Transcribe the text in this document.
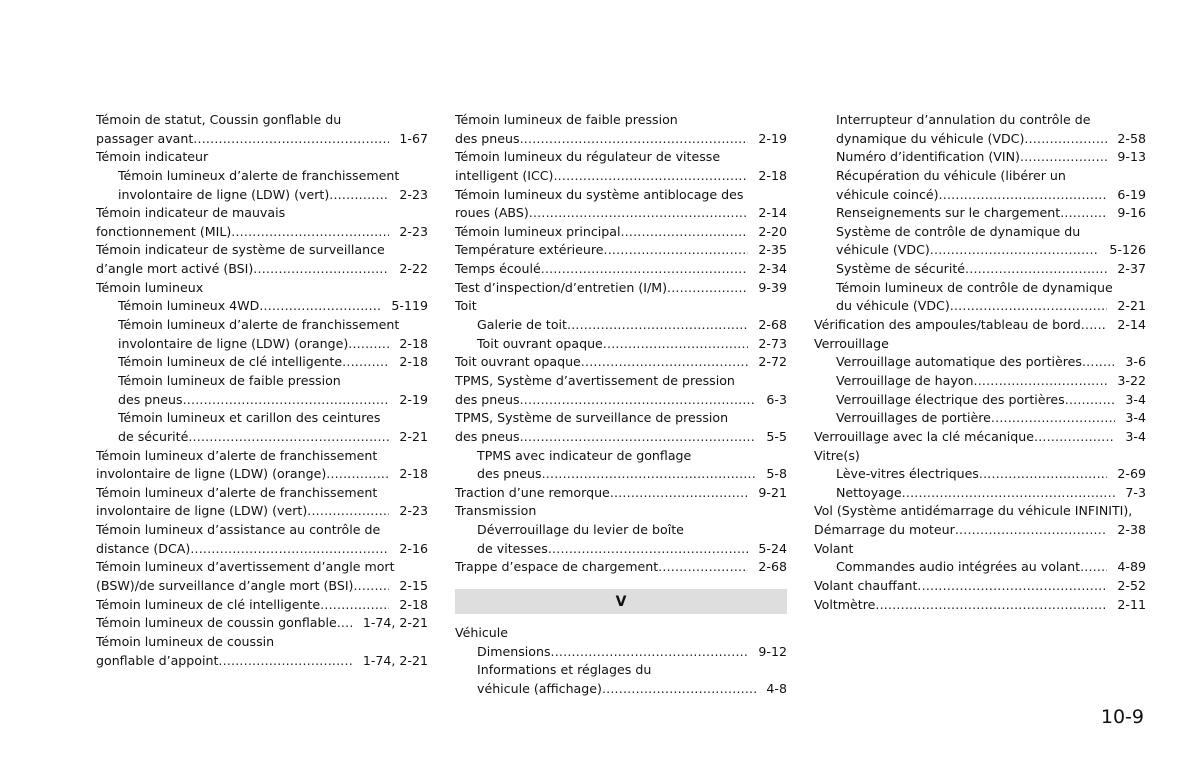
Témoin de statut, Coussin gonflable du
passager avant .....	1-67
Témoin indicateur
Témoin lumineux d’alerte de franchissement
involontaire de ligne (LDW) (vert) .....	2-23
Témoin indicateur de mauvais
fonctionnement (MIL) .....	2-23
Témoin indicateur de système de surveillance
d’angle mort activé (BSI) .....	2-22
Témoin lumineux
Témoin lumineux 4WD .....	5-119
Témoin lumineux d’alerte de franchissement
involontaire de ligne (LDW) (orange) .....	2-18
Témoin lumineux de clé intelligente .....	2-18
Témoin lumineux de faible pression
des pneus .....	2-19
Témoin lumineux et carillon des ceintures
de sécurité .....	2-21
Témoin lumineux d’alerte de franchissement
involontaire de ligne (LDW) (orange) .....	2-18
Témoin lumineux d’alerte de franchissement
involontaire de ligne (LDW) (vert) .....	2-23
Témoin lumineux d’assistance au contrôle de
distance (DCA) .....	2-16
Témoin lumineux d’avertissement d’angle mort
(BSW)/de surveillance d’angle mort (BSI) .....	2-15
Témoin lumineux de clé intelligente .....	2-18
Témoin lumineux de coussin gonflable .....	1-74, 2-21
Témoin lumineux de coussin
gonflable d’appoint .....	1-74, 2-21
Témoin lumineux de faible pression
des pneus .....	2-19
Témoin lumineux du régulateur de vitesse
intelligent (ICC) .....	2-18
Témoin lumineux du système antiblocage des
roues (ABS) .....	2-14
Témoin lumineux principal .....	2-20
Température extérieure .....	2-35
Temps écoulé .....	2-34
Test d’inspection/d’entretien (I/M) .....	9-39
Toit
Galerie de toit .....	2-68
Toit ouvrant opaque .....	2-73
Toit ouvrant opaque .....	2-72
TPMS, Système d’avertissement de pression
des pneus .....	6-3
TPMS, Système de surveillance de pression
des pneus .....	5-5
TPMS avec indicateur de gonflage
des pneus .....	5-8
Traction d’une remorque .....	9-21
Transmission
Déverrouillage du levier de boîte
de vitesses .....	5-24
Trappe d’espace de chargement .....	2-68
V
Véhicule
Dimensions .....	9-12
Informations et réglages du
véhicule (affichage) .....	4-8
Interrupteur d’annulation du contrôle de
dynamique du véhicule (VDC) .....	2-58
Numéro d’identification (VIN) .....	9-13
Récupération du véhicule (libérer un
véhicule coincé) .....	6-19
Renseignements sur le chargement .....	9-16
Système de contrôle de dynamique du
véhicule (VDC) .....	5-126
Système de sécurité .....	2-37
Témoin lumineux de contrôle de dynamique
du véhicule (VDC) .....	2-21
Vérification des ampoules/tableau de bord .....	2-14
Verrouillage
Verrouillage automatique des portières .....	3-6
Verrouillage de hayon .....	3-22
Verrouillage électrique des portières .....	3-4
Verrouillages de portière .....	3-4
Verrouillage avec la clé mécanique .....	3-4
Vitre(s)
Lève-vitres électriques .....	2-69
Nettoyage .....	7-3
Vol (Système antidémarrage du véhicule INFINITI),
Démarrage du moteur .....	2-38
Volant
Commandes audio intégrées au volant .....	4-89
Volant chauffant .....	2-52
Voltmètre .....	2-11
10-9
